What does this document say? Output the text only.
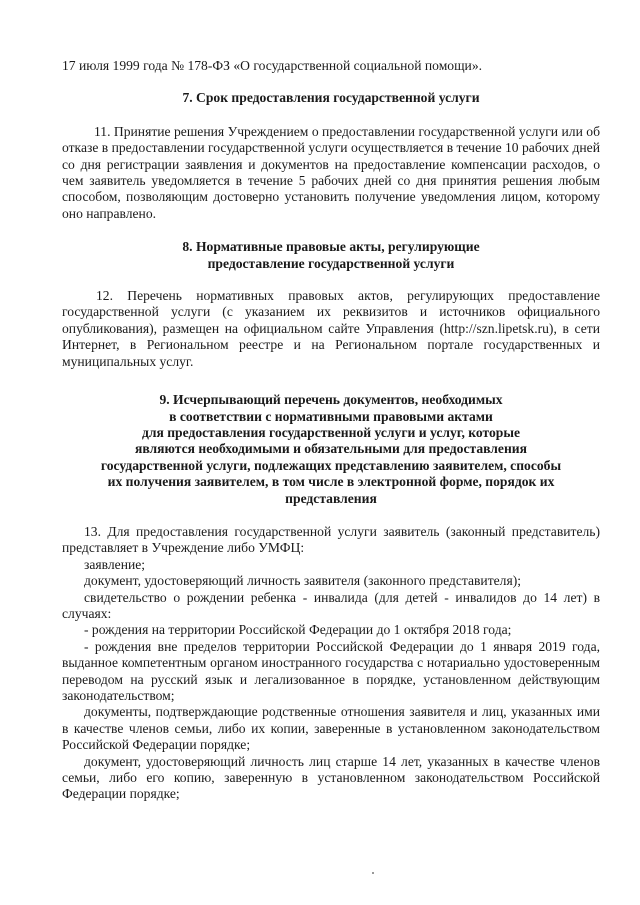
17 июля 1999 года № 178-ФЗ «О государственной социальной помощи».

7. Срок предоставления государственной услуги

11. Принятие решения Учреждением о предоставлении государственной услуги или об отказе в предоставлении государственной услуги осуществляется в течение 10 рабочих дней со дня регистрации заявления и документов на предоставление компенсации расходов, о чем заявитель уведомляется в течение 5 рабочих дней со дня принятия решения любым способом, позволяющим достоверно установить получение уведомления лицом, которому оно направлено.

8. Нормативные правовые акты, регулирующие
предоставление государственной услуги

12. Перечень нормативных правовых актов, регулирующих предоставление государственной услуги (с указанием их реквизитов и источников официального опубликования), размещен на официальном сайте Управления (http://szn.lipetsk.ru), в сети Интернет, в Региональном реестре и на Региональном портале государственных и муниципальных услуг.

9. Исчерпывающий перечень документов, необходимых
в соответствии с нормативными правовыми актами
для предоставления государственной услуги и услуг, которые
являются необходимыми и обязательными для предоставления
государственной услуги, подлежащих представлению заявителем, способы
их получения заявителем, в том числе в электронной форме, порядок их
представления

13. Для предоставления государственной услуги заявитель (законный представитель) представляет в Учреждение либо УМФЦ:

заявление;

документ, удостоверяющий личность заявителя (законного представителя);

свидетельство о рождении ребенка - инвалида (для детей - инвалидов до 14 лет) в случаях:

- рождения на территории Российской Федерации до 1 октября 2018 года;

- рождения вне пределов территории Российской Федерации до 1 января 2019 года, выданное компетентным органом иностранного государства с нотариально удостоверенным переводом на русский язык и легализованное в порядке, установленном действующим законодательством;

документы, подтверждающие родственные отношения заявителя и лиц, указанных ими в качестве членов семьи, либо их копии, заверенные в установленном законодательством Российской Федерации порядке;

документ, удостоверяющий личность лиц старше 14 лет, указанных в качестве членов семьи, либо его копию, заверенную в установленном законодательством Российской Федерации порядке;
